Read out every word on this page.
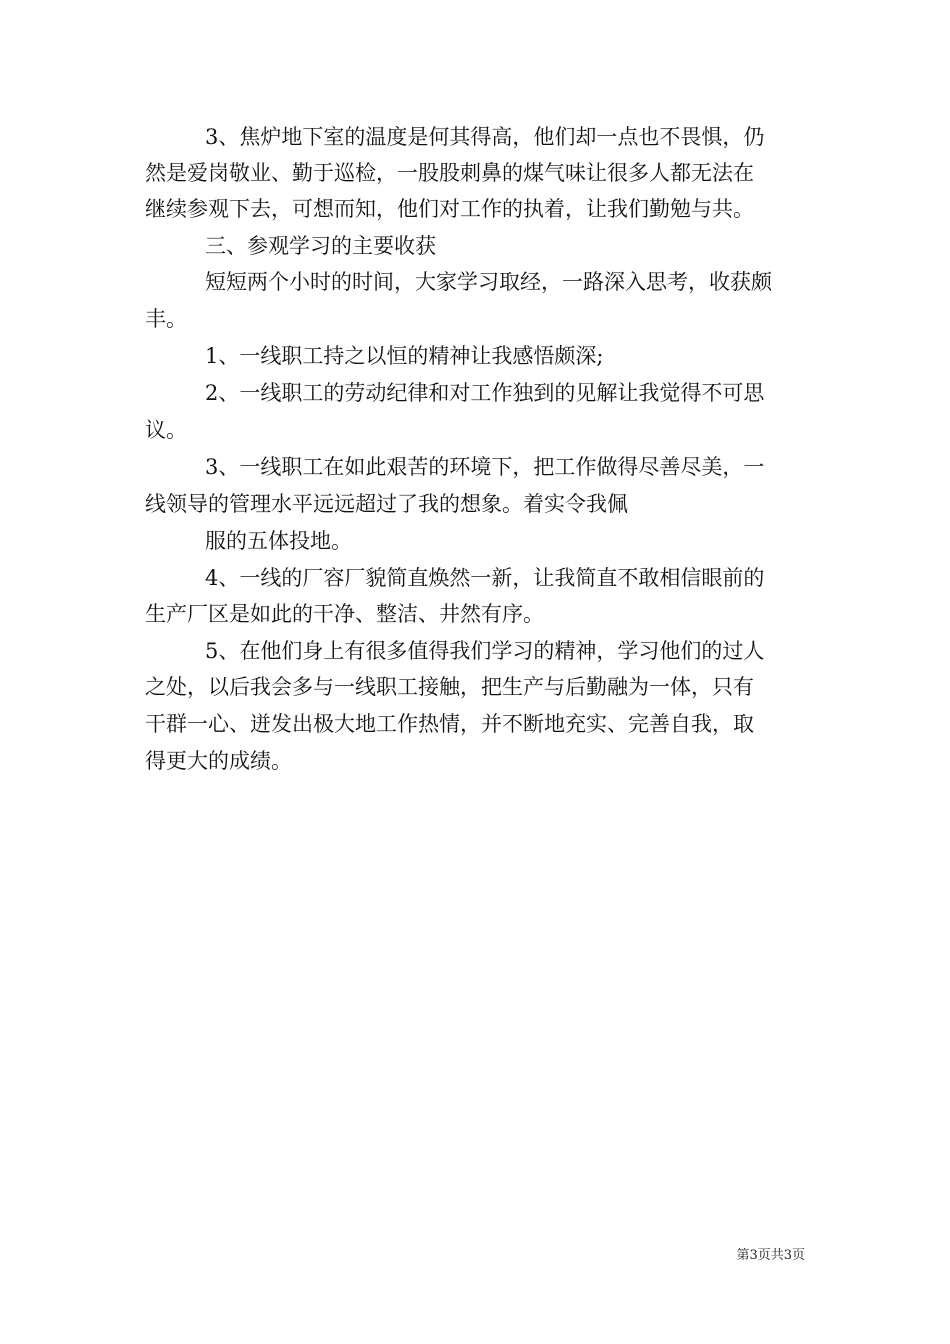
3、焦炉地下室的温度是何其得高，他们却一点也不畏惧，仍
然是爱岗敬业、勤于巡检，一股股刺鼻的煤气味让很多人都无法在
继续参观下去，可想而知，他们对工作的执着，让我们勤勉与共。
三、参观学习的主要收获
短短两个小时的时间，大家学习取经，一路深入思考，收获颇
丰。
1、一线职工持之以恒的精神让我感悟颇深;
2、一线职工的劳动纪律和对工作独到的见解让我觉得不可思
议。
3、一线职工在如此艰苦的环境下，把工作做得尽善尽美，一
线领导的管理水平远远超过了我的想象。着实令我佩
服的五体投地。
4、一线的厂容厂貌简直焕然一新，让我简直不敢相信眼前的
生产厂区是如此的干净、整洁、井然有序。
5、在他们身上有很多值得我们学习的精神，学习他们的过人
之处，以后我会多与一线职工接触，把生产与后勤融为一体，只有
干群一心、迸发出极大地工作热情，并不断地充实、完善自我，取
得更大的成绩。
第3页共3页
